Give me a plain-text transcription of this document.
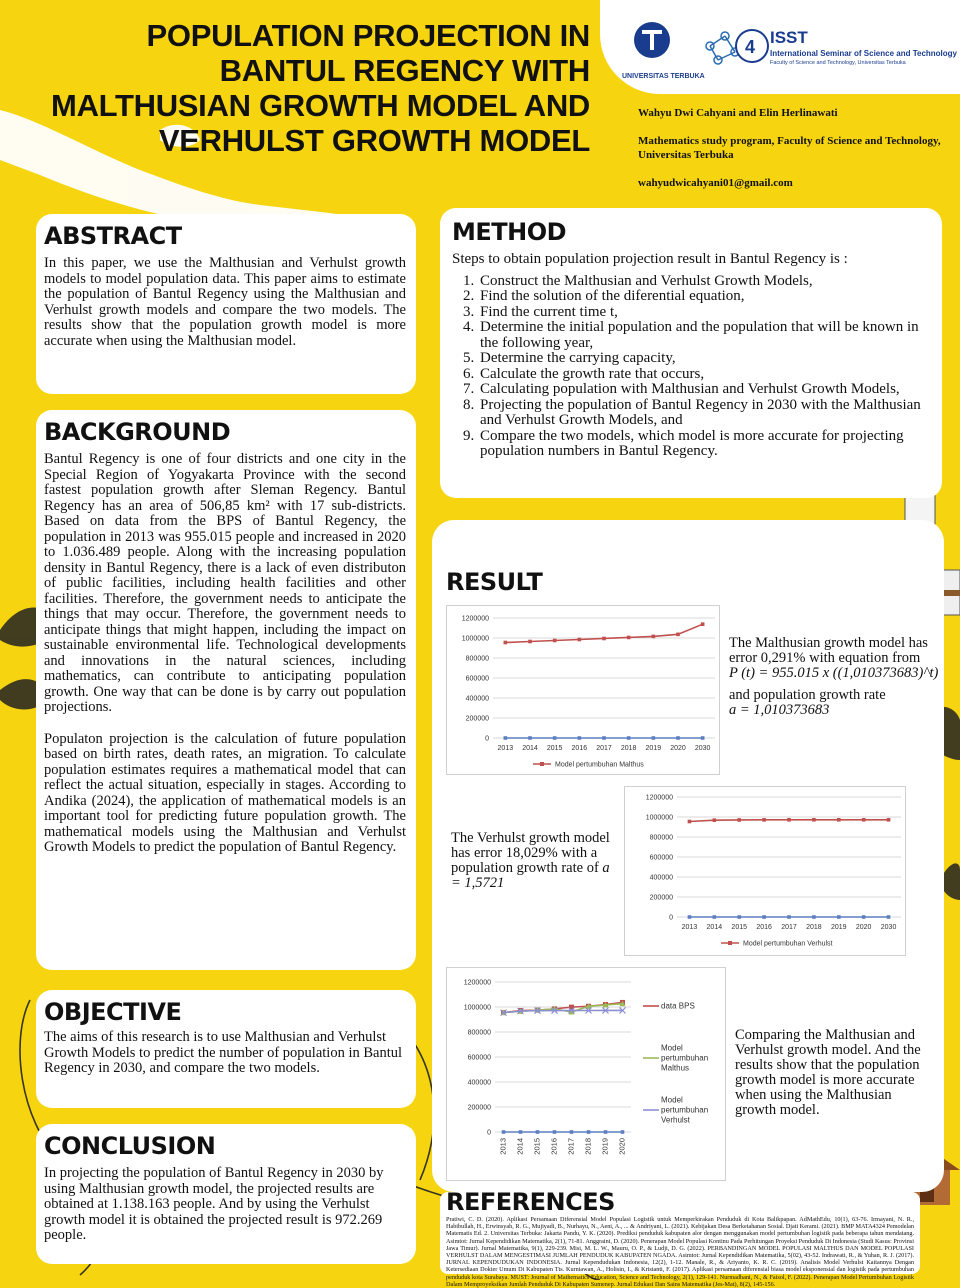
POPULATION PROJECTION IN BANTUL REGENCY WITH MALTHUSIAN GROWTH MODEL AND VERHULST GROWTH MODEL
UNIVERSITAS TERBUKA
4 ISST
International Seminar of Science and Technology
Faculty of Science and Technology, Universitas Terbuka

Wahyu Dwi Cahyani and Elin Herlinawati

Mathematics study program, Faculty of Science and Technology, Universitas Terbuka

wahyudwicahyani01@gmail.com

ABSTRACT

In this paper, we use the Malthusian and Verhulst growth models to model population data. This paper aims to estimate the population of Bantul Regency using the Malthusian and Verhulst growth models and compare the two models. The results show that the population growth model is more accurate when using the Malthusian model.

BACKGROUND

Bantul Regency is one of four districts and one city in the Special Region of Yogyakarta Province with the second fastest population growth after Sleman Regency. Bantul Regency has an area of 506,85 km² with 17 sub-districts. Based on data from the BPS of Bantul Regency, the population in 2013 was 955.015 people and increased in 2020 to 1.036.489 people. Along with the increasing population density in Bantul Regency, there is a lack of even distributon of public facilities, including health facilities and other facilities. Therefore, the government needs to anticipate the things that may occur. Therefore, the government needs to anticipate things that might happen, including the impact on sustainable environmental life. Technological developments and innovations in the natural sciences, including mathematics, can contribute to anticipating population growth. One way that can be done is by carry out population projections.

Populaton projection is the calculation of future population based on birth rates, death rates, an migration. To calculate population estimates requires a mathematical model that can reflect the actual situation, especially in stages. According to Andika (2024), the application of mathematical models is an important tool for predicting future population growth. The mathematical models using the Malthusian and Verhulst Growth Models to predict the population of Bantul Regency.

OBJECTIVE

The aims of this research is to use Malthusian and Verhulst Growth Models to predict the number of population in Bantul Regency in 2030, and compare the two models.

CONCLUSION

In projecting the population of Bantul Regency in 2030 by using Malthusian growth model, the projected results are obtained at 1.138.163 people. And by using the Verhulst growth model it is obtained the projected result is 972.269 people.

METHOD

Steps to obtain population projection result in Bantul Regency is :

1. Construct the Malthusian and Verhulst Growth Models,
2. Find the solution of the diferential equation,
3. Find the current time t,
4. Determine the initial population and the population that will be known in the following year,
5. Determine the carrying capacity,
6. Calculate the growth rate that occurs,
7. Calculating population with Malthusian and Verhulst Growth Models,
8. Projecting the population of Bantul Regency in 2030 with the Malthusian and Verhulst Growth Models, and
9. Compare the two models, which model is more accurate for projecting population numbers in Bantul Regency.
RESULT
0
200000
400000
600000
800000
1000000
1200000
2013 2014 2015 2016 2017 2018 2019 2020 2030
Model pertumbuhan Malthus
The Malthusian growth model has error 0,291% with equation from
P (t) = 955.015 x ((1,010373683)^t)
and population growth rate
a = 1,010373683
0
200000
400000
600000
800000
1000000
1200000
2013 2014 2015 2016 2017 2018 2019 2020 2030
Model pertumbuhan Verhulst
The Verhulst growth model has error 18,029% with a population growth rate of a = 1,5721
0
200000
400000
600000
800000
1000000
1200000
2013 2014 2015 2016 2017 2018 2019 2020
data BPS
Model
pertumbuhan
Malthus
Model
pertumbuhan
Verhulst
Comparing the Malthusian and Verhulst growth model. And the results show that the population growth model is more accurate when using the Malthusian growth model.
REFERENCES
Pratiwi, C. D. (2020). Aplikasi Persamaan Diferensial Model Populasi Logistik untuk Memperkirakan Penduduk di Kota Balikpapan. AdMathEdu, 10(1), 63-76. Irmayani, N. R., Habibullah, H., Erwinsyah, R. G., Mujiyadi, B., Nurhayu, N., Aeni, A., ... & Andriyani, L. (2021). Kebijakan Desa Berketahanan Sosial. Djati Kerami. (2021). BMP MATA4324 Pemodelan Matematis Ed. 2. Universitas Terbuka: Jakarta Pandu, Y. K. (2020). Prediksi penduduk kabupaten alor dengan menggunakan model pertumbuhan logistik pada beberapa tahun mendatang. Asimtot: Jurnal Kependidikan Matematika, 2(1), 71-81. Anggraini, D. (2020). Penerapan Model Populasi Kontinu Pada Perhitungan Proyeksi Penduduk Di Indonesia (Studi Kasus: Provinsi Jawa Timur). Jurnal Matematika, 9(1), 229-239. Misi, M. L. W., Mauru, O. P., & Ludji, D. G. (2022). PERBANDINGAN MODEL POPULASI MALTHUS DAN MODEL POPULASI VERHULST DALAM MENGESTIMASI JUMLAH PENDUDUK KABUPATEN NGADA. Asimtot: Jurnal Kependidikan Matematika, 5(02), 43-52. Indrawati, R., & Yuhan, R. J. (2017). JURNAL KEPENDUDUKAN INDONESIA. Jurnal Kependudukan Indonesia, 12(2), 1-12. Manale, R., & Ariyanto, K. R. C. (2019). Analisis Model Verhulst Kaitannya Dengan Ketersediaan Dokter Umum Di Kabupaten Tts. Kurniawan, A., Holisin, I., & Kristanti, F. (2017). Aplikasi persamaan diferensial biasa model eksponensial dan logistik pada pertumbuhan penduduk kota Surabaya. MUST: Journal of Mathematics Education, Science and Technology, 2(1), 129-141. Nurmadhani, N., & Faisol, F. (2022). Penerapan Model Pertumbuhan Logistik Dalam Memproyeksikan Jumlah Penduduk Di Kabupaten Sumenep. Jurnal Edukasi Dan Sains Matematika (Jes-Mat), 8(2), 145-156.
